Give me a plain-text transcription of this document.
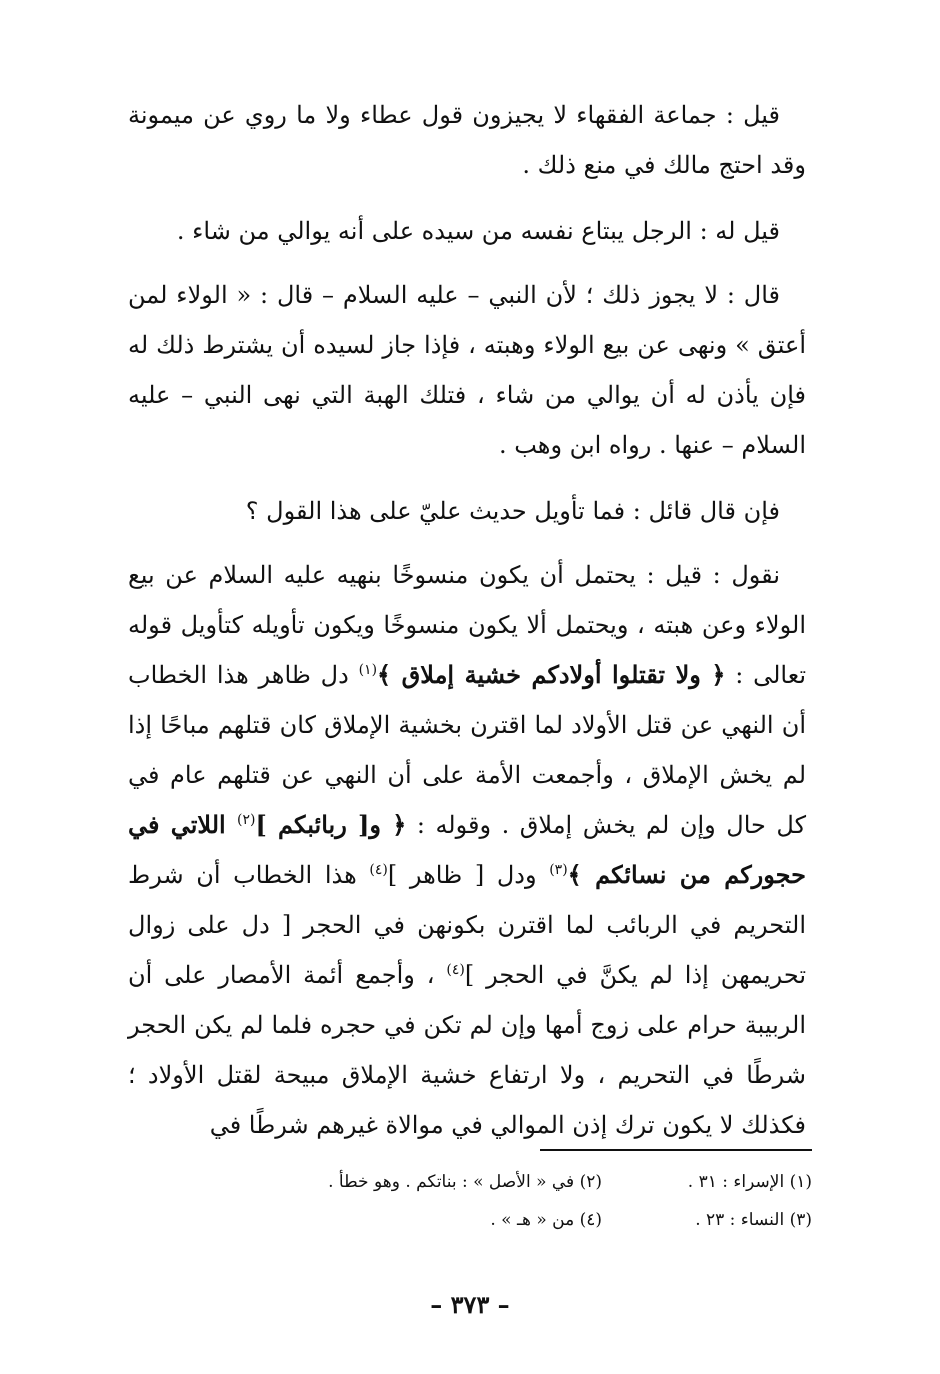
قيل : جماعة الفقهاء لا يجيزون قول عطاء ولا ما روي عن ميمونة وقد احتج مالك في منع ذلك .

قيل له : الرجل يبتاع نفسه من سيده على أنه يوالي من شاء .

قال : لا يجوز ذلك ؛ لأن النبي – عليه السلام – قال : « الولاء لمن أعتق » ونهى عن بيع الولاء وهبته ، فإذا جاز لسيده أن يشترط ذلك له فإن يأذن له أن يوالي من شاء ، فتلك الهبة التي نهى النبي – عليه السلام – عنها . رواه ابن وهب .

فإن قال قائل : فما تأويل حديث عليّ على هذا القول ؟

نقول : قيل : يحتمل أن يكون منسوخًا بنهيه عليه السلام عن بيع الولاء وعن هبته ، ويحتمل ألا يكون منسوخًا ويكون تأويله كتأويل قوله تعالى : ﴿ ولا تقتلوا أولادكم خشية إملاق ﴾$^{(١)}$ دل ظاهر هذا الخطاب أن النهي عن قتل الأولاد لما اقترن بخشية الإملاق كان قتلهم مباحًا إذا لم يخش الإملاق ، وأجمعت الأمة على أن النهي عن قتلهم عام في كل حال وإن لم يخش إملاق . وقوله : ﴿ و[ ربائبكم ]$^{(٢)}$ اللاتي في حجوركم من نسائكم ﴾$^{(٣)}$ ودل [ ظاهر ]$^{(٤)}$ هذا الخطاب أن شرط التحريم في الربائب لما اقترن بكونهن في الحجر [ دل على زوال تحريمهن إذا لم يكنَّ في الحجر ]$^{(٤)}$ ، وأجمع أئمة الأمصار على أن الربيبة حرام على زوج أمها وإن لم تكن في حجره فلما لم يكن الحجر شرطًا في التحريم ، ولا ارتفاع خشية الإملاق مبيحة لقتل الأولاد ؛ فكذلك لا يكون ترك إذن الموالي في موالاة غيرهم شرطًا في

(١) الإسراء : ٣١ .
(٢) في « الأصل » : بناتكم . وهو خطأ .
(٣) النساء : ٢٣ .
(٤) من « هـ » .
– ٣٧٣ –
